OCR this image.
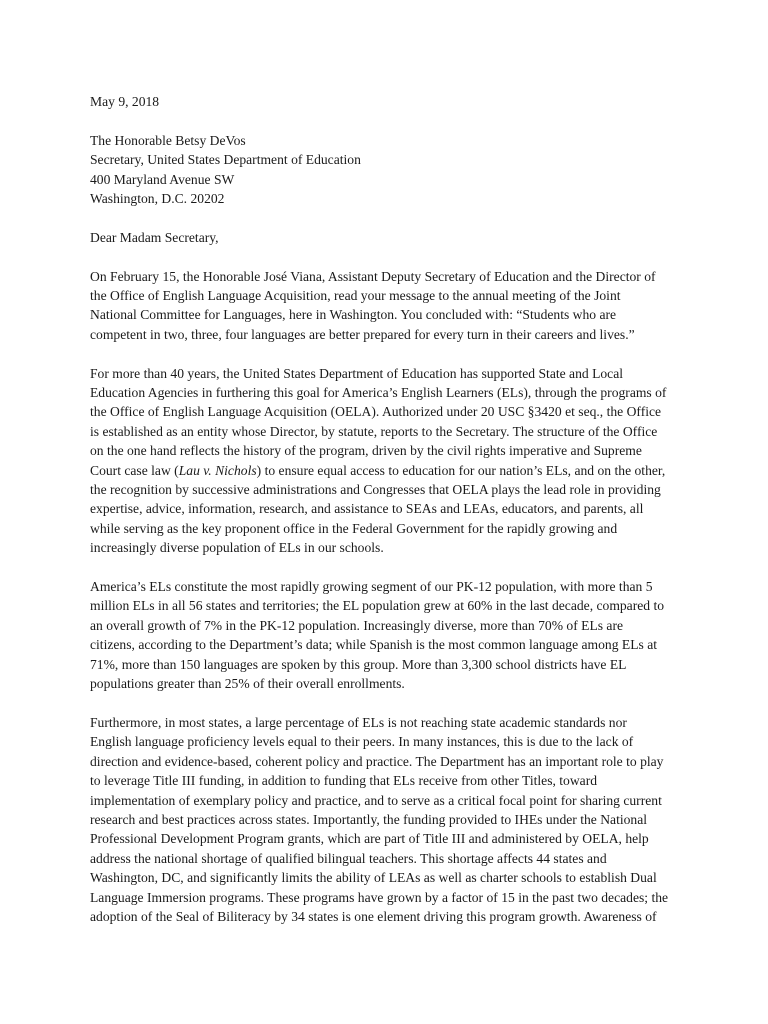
May 9, 2018
The Honorable Betsy DeVos
Secretary, United States Department of Education
400 Maryland Avenue SW
Washington, D.C. 20202
Dear Madam Secretary,
On February 15, the Honorable José Viana, Assistant Deputy Secretary of Education and the Director of
the Office of English Language Acquisition, read your message to the annual meeting of the Joint
National Committee for Languages, here in Washington. You concluded with: “Students who are
competent in two, three, four languages are better prepared for every turn in their careers and lives.”
For more than 40 years, the United States Department of Education has supported State and Local
Education Agencies in furthering this goal for America’s English Learners (ELs), through the programs of
the Office of English Language Acquisition (OELA). Authorized under 20 USC §3420 et seq., the Office
is established as an entity whose Director, by statute, reports to the Secretary. The structure of the Office
on the one hand reflects the history of the program, driven by the civil rights imperative and Supreme
Court case law (Lau v. Nichols) to ensure equal access to education for our nation’s ELs, and on the other,
the recognition by successive administrations and Congresses that OELA plays the lead role in providing
expertise, advice, information, research, and assistance to SEAs and LEAs, educators, and parents, all
while serving as the key proponent office in the Federal Government for the rapidly growing and
increasingly diverse population of ELs in our schools.
America’s ELs constitute the most rapidly growing segment of our PK-12 population, with more than 5
million ELs in all 56 states and territories; the EL population grew at 60% in the last decade, compared to
an overall growth of 7% in the PK-12 population. Increasingly diverse, more than 70% of ELs are
citizens, according to the Department’s data; while Spanish is the most common language among ELs at
71%, more than 150 languages are spoken by this group. More than 3,300 school districts have EL
populations greater than 25% of their overall enrollments.
Furthermore, in most states, a large percentage of ELs is not reaching state academic standards nor
English language proficiency levels equal to their peers. In many instances, this is due to the lack of
direction and evidence-based, coherent policy and practice. The Department has an important role to play
to leverage Title III funding, in addition to funding that ELs receive from other Titles, toward
implementation of exemplary policy and practice, and to serve as a critical focal point for sharing current
research and best practices across states. Importantly, the funding provided to IHEs under the National
Professional Development Program grants, which are part of Title III and administered by OELA, help
address the national shortage of qualified bilingual teachers. This shortage affects 44 states and
Washington, DC, and significantly limits the ability of LEAs as well as charter schools to establish Dual
Language Immersion programs. These programs have grown by a factor of 15 in the past two decades; the
adoption of the Seal of Biliteracy by 34 states is one element driving this program growth. Awareness of
